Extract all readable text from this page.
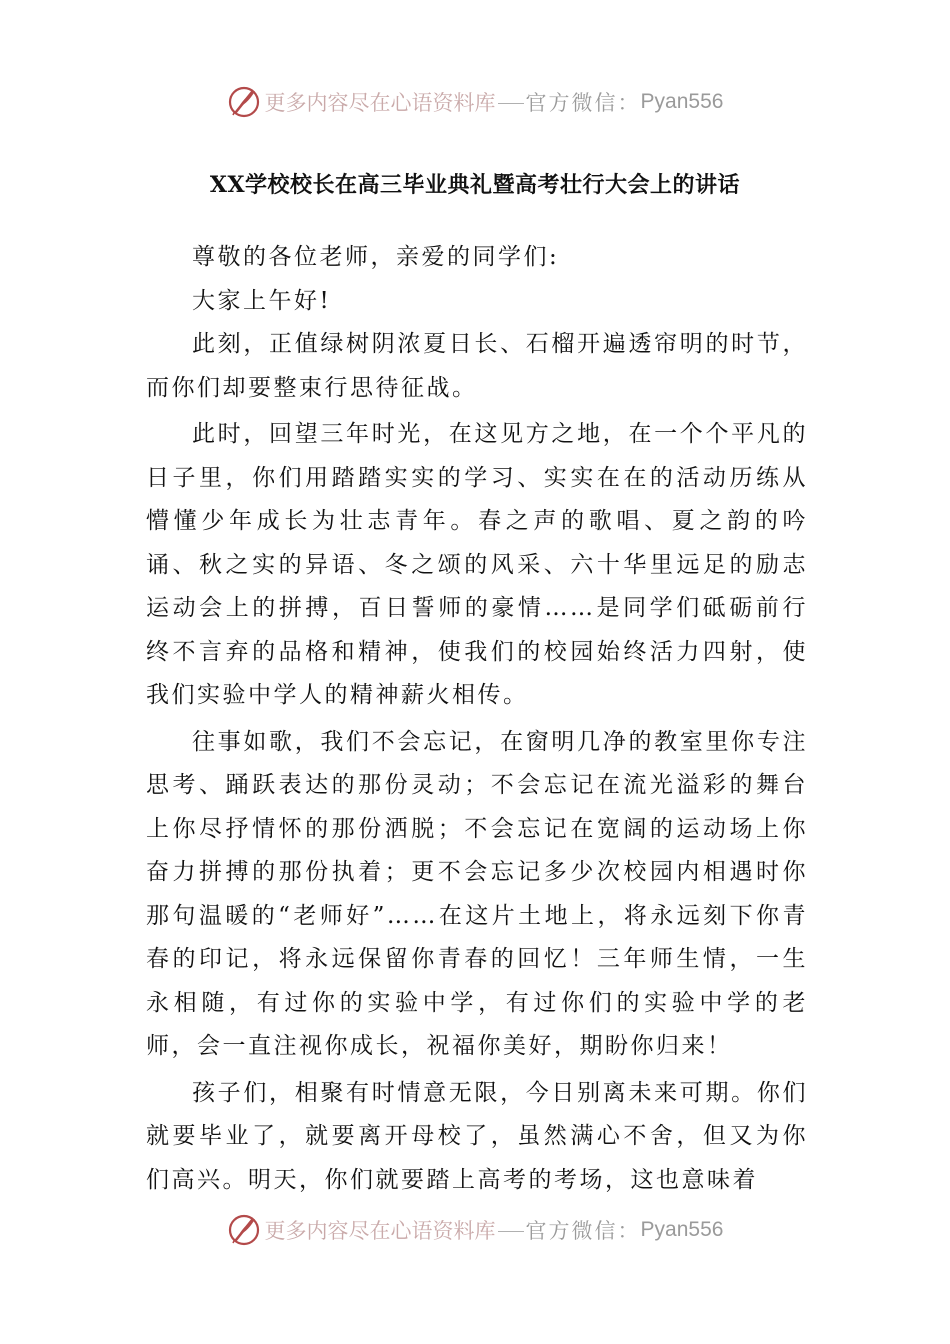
更多内容尽在心语资料库 官方微信： Pyan556
XX学校校长在高三毕业典礼暨高考壮行大会上的讲话

尊敬的各位老师，亲爱的同学们:

大家上午好!

此刻，正值绿树阴浓夏日长、石榴开遍透帘明的时节，而你们却要整束行思待征战。

此时，回望三年时光，在这见方之地，在一个个平凡的日子里，你们用踏踏实实的学习、实实在在的活动历练从懵懂少年成长为壮志青年。春之声的歌唱、夏之韵的吟诵、秋之实的异语、冬之颂的风采、六十华里远足的励志运动会上的拼搏，百日誓师的豪情……是同学们砥砺前行终不言弃的品格和精神，使我们的校园始终活力四射，使我们实验中学人的精神薪火相传。

往事如歌，我们不会忘记，在窗明几净的教室里你专注思考、踊跃表达的那份灵动；不会忘记在流光溢彩的舞台上你尽抒情怀的那份洒脱；不会忘记在宽阔的运动场上你奋力拼搏的那份执着；更不会忘记多少次校园内相遇时你那句温暖的“老师好”……在这片土地上，将永远刻下你青春的印记，将永远保留你青春的回忆！三年师生情，一生永相随，有过你的实验中学，有过你们的实验中学的老师，会一直注视你成长，祝福你美好，期盼你归来！

孩子们，相聚有时情意无限，今日别离未来可期。你们就要毕业了，就要离开母校了，虽然满心不舍，但又为你们高兴。明天，你们就要踏上高考的考场，这也意味着

更多内容尽在心语资料库 官方微信： Pyan556
